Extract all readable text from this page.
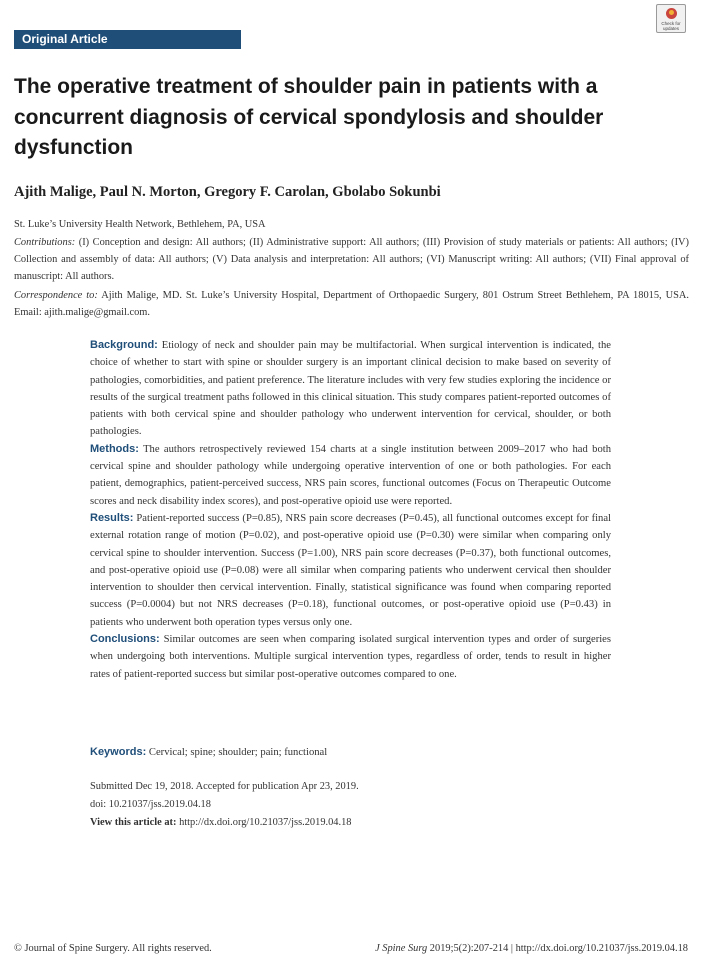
Original Article
Check for updates
The operative treatment of shoulder pain in patients with a concurrent diagnosis of cervical spondylosis and shoulder dysfunction
Ajith Malige, Paul N. Morton, Gregory F. Carolan, Gbolabo Sokunbi

St. Luke’s University Health Network, Bethlehem, PA, USA

Contributions: (I) Conception and design: All authors; (II) Administrative support: All authors; (III) Provision of study materials or patients: All authors; (IV) Collection and assembly of data: All authors; (V) Data analysis and interpretation: All authors; (VI) Manuscript writing: All authors; (VII) Final approval of manuscript: All authors.

Correspondence to: Ajith Malige, MD. St. Luke’s University Hospital, Department of Orthopaedic Surgery, 801 Ostrum Street Bethlehem, PA 18015, USA. Email: ajith.malige@gmail.com.

Background: Etiology of neck and shoulder pain may be multifactorial. When surgical intervention is indicated, the choice of whether to start with spine or shoulder surgery is an important clinical decision to make based on severity of pathologies, comorbidities, and patient preference. The literature includes with very few studies exploring the incidence or results of the surgical treatment paths followed in this clinical situation. This study compares patient-reported outcomes of patients with both cervical spine and shoulder pathology who underwent intervention for cervical, shoulder, or both pathologies.

Methods: The authors retrospectively reviewed 154 charts at a single institution between 2009–2017 who had both cervical spine and shoulder pathology while undergoing operative intervention of one or both pathologies. For each patient, demographics, patient-perceived success, NRS pain scores, functional outcomes (Focus on Therapeutic Outcome scores and neck disability index scores), and post-operative opioid use were reported.

Results: Patient-reported success (P=0.85), NRS pain score decreases (P=0.45), all functional outcomes except for final external rotation range of motion (P=0.02), and post-operative opioid use (P=0.30) were similar when comparing only cervical spine to shoulder intervention. Success (P=1.00), NRS pain score decreases (P=0.37), both functional outcomes, and post-operative opioid use (P=0.08) were all similar when comparing patients who underwent cervical then shoulder intervention to shoulder then cervical intervention. Finally, statistical significance was found when comparing reported success (P=0.0004) but not NRS decreases (P=0.18), functional outcomes, or post-operative opioid use (P=0.43) in patients who underwent both operation types versus only one.

Conclusions: Similar outcomes are seen when comparing isolated surgical intervention types and order of surgeries when undergoing both interventions. Multiple surgical intervention types, regardless of order, tends to result in higher rates of patient-reported success but similar post-operative outcomes compared to one.

Keywords: Cervical; spine; shoulder; pain; functional
Submitted Dec 19, 2018. Accepted for publication Apr 23, 2019.
doi: 10.21037/jss.2019.04.18
View this article at: http://dx.doi.org/10.21037/jss.2019.04.18
© Journal of Spine Surgery. All rights reserved.	J Spine Surg 2019;5(2):207-214 | http://dx.doi.org/10.21037/jss.2019.04.18
